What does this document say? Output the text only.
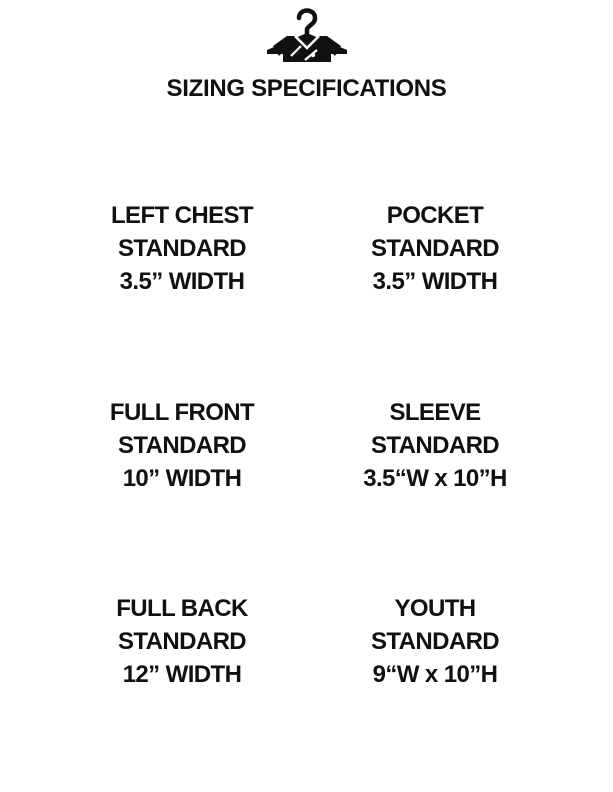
SIZING SPECIFICATIONS
LEFT CHEST
STANDARD
3.5” WIDTH
POCKET
STANDARD
3.5” WIDTH
FULL FRONT
STANDARD
10” WIDTH
SLEEVE
STANDARD
3.5“W x 10”H
FULL BACK
STANDARD
12” WIDTH
YOUTH
STANDARD
9“W x 10”H
